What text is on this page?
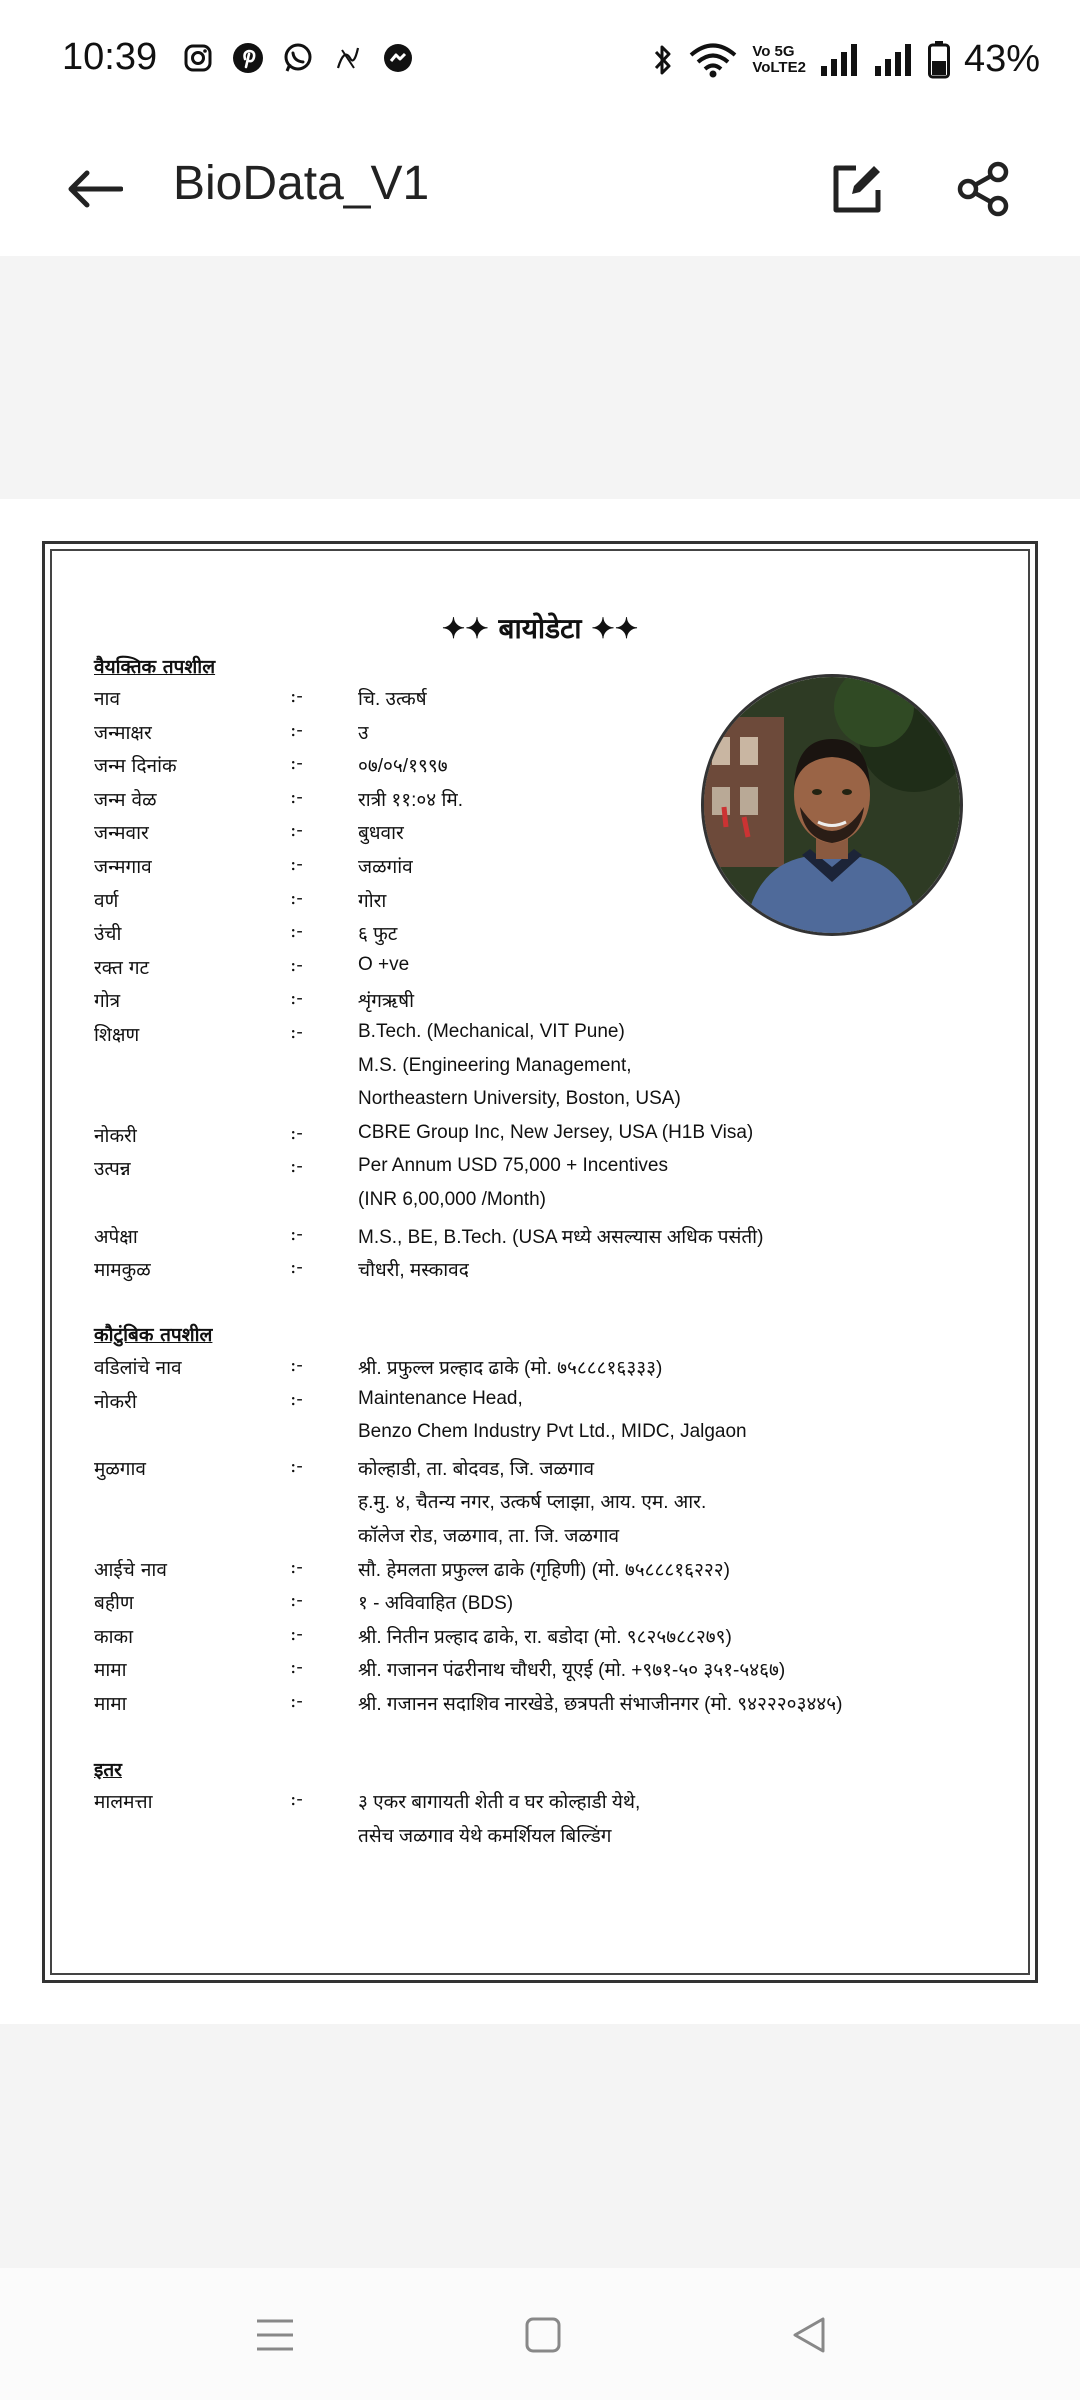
10:39	Vo 5G
VoLTE2	43%
BioData_V1
✦✦ बायोडेटा ✦✦
वैयक्तिक तपशील
नाव	:-	चि. उत्कर्ष
जन्माक्षर	:-	उ
जन्म दिनांक	:-	०७/०५/१९९७
जन्म वेळ	:-	रात्री ११:०४ मि.
जन्मवार	:-	बुधवार
जन्मगाव	:-	जळगांव
वर्ण	:-	गोरा
उंची	:-	६ फुट
रक्त गट	:-	O +ve
गोत्र	:-	शृंगऋषी
शिक्षण	:-	B.Tech. (Mechanical, VIT Pune)
M.S. (Engineering Management,
Northeastern University, Boston, USA)
नोकरी	:-	CBRE Group Inc, New Jersey, USA (H1B Visa)
उत्पन्न	:-	Per Annum USD 75,000 + Incentives
(INR 6,00,000 /Month)
अपेक्षा	:-	M.S., BE, B.Tech. (USA मध्ये असल्यास अधिक पसंती)
मामकुळ	:-	चौधरी, मस्कावद
कौटुंबिक तपशील
वडिलांचे नाव	:-	श्री. प्रफुल्ल प्रल्हाद ढाके (मो. ७५८८८१६३३३)
नोकरी	:-	Maintenance Head,
Benzo Chem Industry Pvt Ltd., MIDC, Jalgaon
मुळगाव	:-	कोल्हाडी, ता. बोदवड, जि. जळगाव
ह.मु. ४, चैतन्य नगर, उत्कर्ष प्लाझा, आय. एम. आर.
कॉलेज रोड, जळगाव, ता. जि. जळगाव
आईचे नाव	:-	सौ. हेमलता प्रफुल्ल ढाके (गृहिणी) (मो. ७५८८८१६२२२)
बहीण	:-	१ - अविवाहित (BDS)
काका	:-	श्री. नितीन प्रल्हाद ढाके, रा. बडोदा (मो. ९८२५७८८२७९)
मामा	:-	श्री. गजानन पंढरीनाथ चौधरी, यूएई (मो. +९७१-५० ३५१-५४६७)
मामा	:-	श्री. गजानन सदाशिव नारखेडे, छत्रपती संभाजीनगर (मो. ९४२२२०३४४५)
इतर
मालमत्ता	:-	३ एकर बागायती शेती व घर कोल्हाडी येथे,
तसेच जळगाव येथे कमर्शियल बिल्डिंग
